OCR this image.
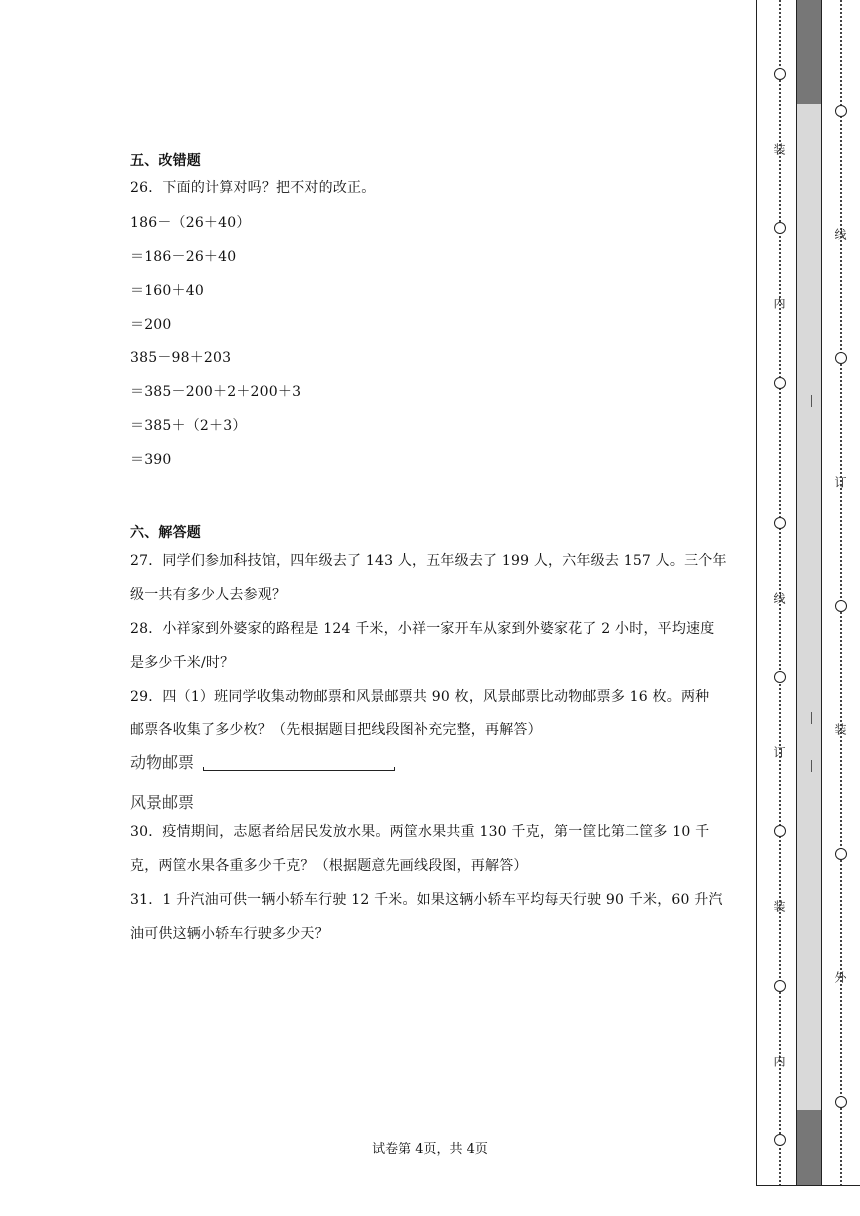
五、改错题
26．下面的计算对吗？把不对的改正。
186－（26＋40）
＝186－26＋40
＝160＋40
＝200
385－98＋203
＝385－200＋2＋200＋3
＝385＋（2＋3）
＝390
六、解答题
27．同学们参加科技馆，四年级去了 143 人，五年级去了 199 人，六年级去 157 人。三个年
级一共有多少人去参观？
28．小祥家到外婆家的路程是 124 千米，小祥一家开车从家到外婆家花了 2 小时，平均速度
是多少千米/时？
29．四（1）班同学收集动物邮票和风景邮票共 90 枚，风景邮票比动物邮票多 16 枚。两种
邮票各收集了多少枚？（先根据题目把线段图补充完整，再解答）
动物邮票
风景邮票
30．疫情期间，志愿者给居民发放水果。两筐水果共重 130 千克，第一筐比第二筐多 10 千
克，两筐水果各重多少千克？（根据题意先画线段图，再解答）
31．1 升汽油可供一辆小轿车行驶 12 千米。如果这辆小轿车平均每天行驶 90 千米，60 升汽
油可供这辆小轿车行驶多少天？
试卷第 4页，共 4页
装
内
线
订
装
内
线
订
装
外
